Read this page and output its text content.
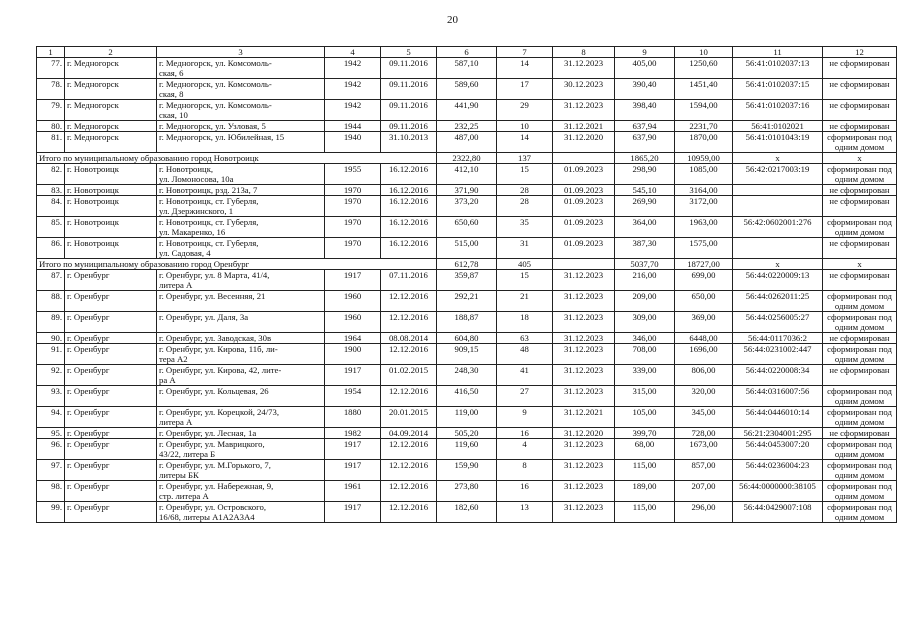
20
1	2	3	4	5	6	7	8	9	10	11	12
77.	г. Медногорск	г. Медногорск, ул. Комсомоль-
ская, 6	1942	09.11.2016	587,10	14	31.12.2023	405,00	1250,60	56:41:0102037:13	не сформирован
78.	г. Медногорск	г. Медногорск, ул. Комсомоль-
ская, 8	1942	09.11.2016	589,60	17	30.12.2023	390,40	1451,40	56:41:0102037:15	не сформирован
79.	г. Медногорск	г. Медногорск, ул. Комсомоль-
ская, 10	1942	09.11.2016	441,90	29	31.12.2023	398,40	1594,00	56:41:0102037:16	не сформирован
80.	г. Медногорск	г. Медногорск, ул. Узловая, 5	1944	09.11.2016	232,25	10	31.12.2021	637,94	2231,70	56:41:0102021	не сформирован
81.	г. Медногорск	г. Медногорск, ул. Юбилейная, 15	1940	31.10.2013	487,00	14	31.12.2020	637,90	1870,00	56:41:0101043:19	сформирован под
одним домом
Итого по муниципальному образованию город Новотроицк					2322,80	137		1865,20	10959,00	x	x
82.	г. Новотроицк	г. Новотроицк,
ул. Ломоносова, 10а	1955	16.12.2016	412,10	15	01.09.2023	298,90	1085,00	56:42:0217003:19	сформирован под
одним домом
83.	г. Новотроицк	г. Новотроицк, рзд. 213а, 7	1970	16.12.2016	371,90	28	01.09.2023	545,10	3164,00		не сформирован
84.	г. Новотроицк	г. Новотроицк, ст. Губерля,
ул. Дзержинского, 1	1970	16.12.2016	373,20	28	01.09.2023	269,90	3172,00		не сформирован
85.	г. Новотроицк	г. Новотроицк, ст. Губерля,
ул. Макаренко, 16	1970	16.12.2016	650,60	35	01.09.2023	364,00	1963,00	56:42:0602001:276	сформирован под
одним домом
86.	г. Новотроицк	г. Новотроицк, ст. Губерля,
ул. Садовая, 4	1970	16.12.2016	515,00	31	01.09.2023	387,30	1575,00		не сформирован
Итого по муниципальному образованию город Оренбург					612,78	405		5037,70	18727,00	x	x
87.	г. Оренбург	г. Оренбург, ул. 8 Марта, 41/4,
литера А	1917	07.11.2016	359,87	15	31.12.2023	216,00	699,00	56:44:0220009:13	не сформирован
88.	г. Оренбург	г. Оренбург, ул. Весенняя, 21	1960	12.12.2016	292,21	21	31.12.2023	209,00	650,00	56:44:0262011:25	сформирован под
одним домом
89.	г. Оренбург	г. Оренбург, ул. Даля, 3а	1960	12.12.2016	188,87	18	31.12.2023	309,00	369,00	56:44:0256005:27	сформирован под
одним домом
90.	г. Оренбург	г. Оренбург, ул. Заводская, 30в	1964	08.08.2014	604,80	63	31.12.2023	346,00	6448,00	56:44:0117036:2	не сформирован
91.	г. Оренбург	г. Оренбург, ул. Кирова, 11б, ли-
тера А2	1900	12.12.2016	909,15	48	31.12.2023	708,00	1696,00	56:44:0231002:447	сформирован под
одним домом
92.	г. Оренбург	г. Оренбург, ул. Кирова, 42, лите-
ра А	1917	01.02.2015	248,30	41	31.12.2023	339,00	806,00	56:44:0220008:34	не сформирован
93.	г. Оренбург	г. Оренбург, ул. Кольцевая, 26	1954	12.12.2016	416,50	27	31.12.2023	315,00	320,00	56:44:0316007:56	сформирован под
одним домом
94.	г. Оренбург	г. Оренбург, ул. Корецкой, 24/73,
литера А	1880	20.01.2015	119,00	9	31.12.2021	105,00	345,00	56:44:0446010:14	сформирован под
одним домом
95.	г. Оренбург	г. Оренбург, ул. Лесная, 1а	1982	04.09.2014	505,20	16	31.12.2020	399,70	728,00	56:21:2304001:295	не сформирован
96.	г. Оренбург	г. Оренбург, ул. Маврицкого,
43/22, литера Б	1917	12.12.2016	119,60	4	31.12.2023	68,00	1673,00	56:44:0453007:20	сформирован под
одним домом
97.	г. Оренбург	г. Оренбург, ул. М.Горького, 7,
литеры БК	1917	12.12.2016	159,90	8	31.12.2023	115,00	857,00	56:44:0236004:23	сформирован под
одним домом
98.	г. Оренбург	г. Оренбург, ул. Набережная, 9,
стр. литера А	1961	12.12.2016	273,80	16	31.12.2023	189,00	207,00	56:44:0000000:38105	сформирован под
одним домом
99.	г. Оренбург	г. Оренбург, ул. Островского,
16/68, литеры А1А2А3А4	1917	12.12.2016	182,60	13	31.12.2023	115,00	296,00	56:44:0429007:108	сформирован под
одним домом
